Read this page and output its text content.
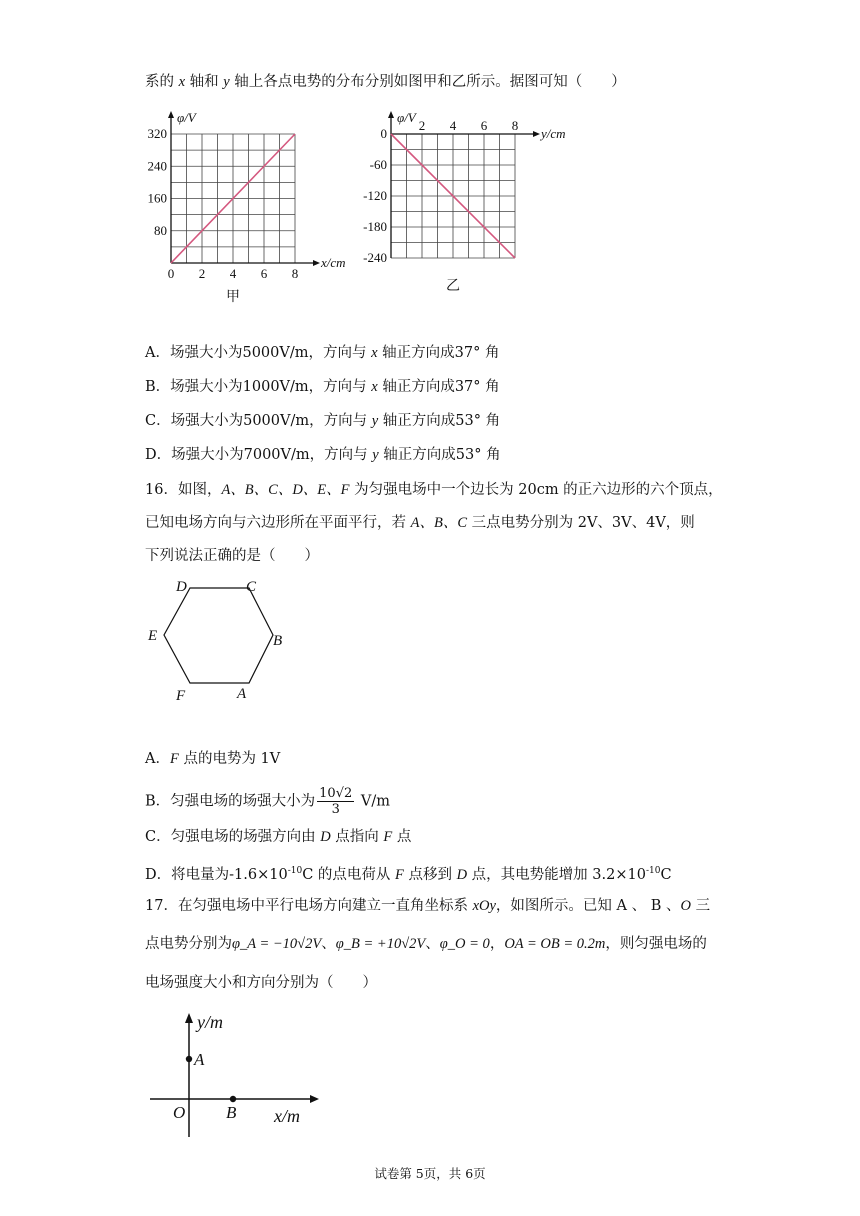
系的 x 轴和 y 轴上各点电势的分布分别如图甲和乙所示。据图可知（　　）
0 2 4 6 8
80
160
240
320
x/cm
φ/V
甲
2 4 6 8
0
-60
-120
-180
-240
y/cm
φ/V
乙
A．场强大小为5000V/m，方向与 x 轴正方向成37° 角
B．场强大小为1000V/m，方向与 x 轴正方向成37° 角
C．场强大小为5000V/m，方向与 y 轴正方向成53° 角
D．场强大小为7000V/m，方向与 y 轴正方向成53° 角
16．如图，A、B、C、D、E、F 为匀强电场中一个边长为 20cm 的正六边形的六个顶点，
已知电场方向与六边形所在平面平行，若 A、B、C 三点电势分别为 2V、3V、4V，则
下列说法正确的是（　　）
D	C
E	B
F	A
A．F 点的电势为 1V
B．匀强电场的场强大小为 $\frac{10√2}{3} V/m$
C．匀强电场的场强方向由 D 点指向 F 点
D．将电量为$-1.6\times 10^{-10}C$ 的点电荷从 F 点移到 D 点，其电势能增加 $3.2\times 10^{-10}C$
17．在匀强电场中平行电场方向建立一直角坐标系 xOy，如图所示。已知 A 、 B 、O 三
点电势分别为φ_A = −10√2V、φ_B = +10√2V、φ_O = 0，OA = OB = 0.2m，则匀强电场的
电场强度大小和方向分别为（　　）
y/m
x/m
O
A
B
试卷第 5页，共 6页
